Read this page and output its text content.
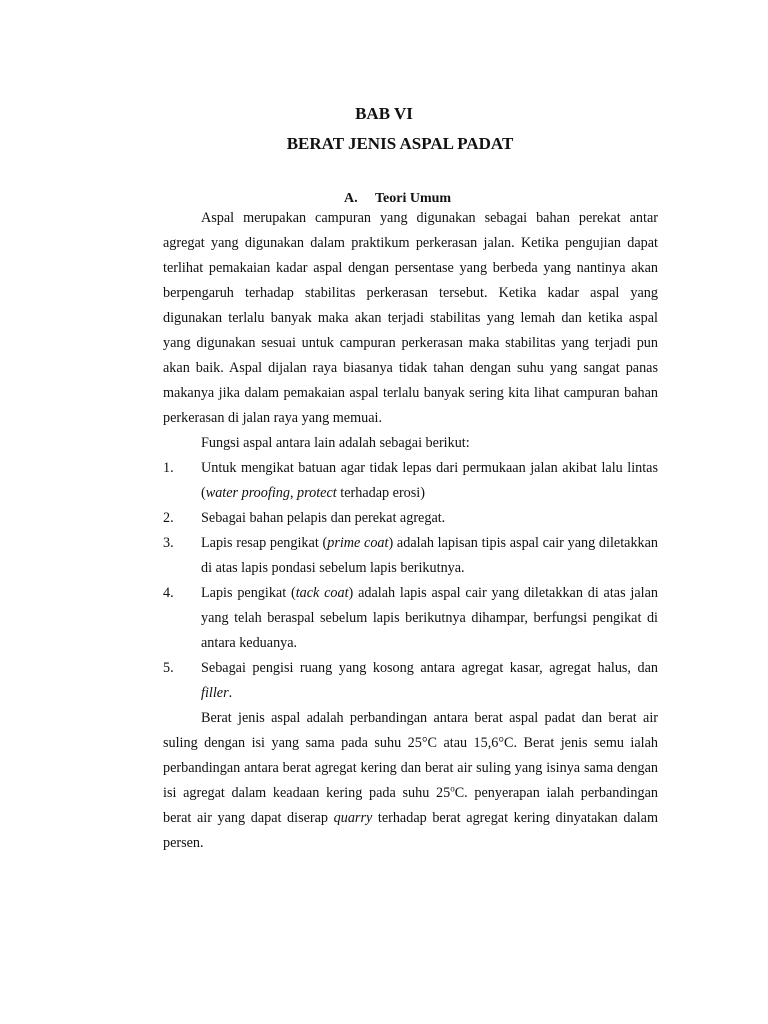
BAB VI
BERAT JENIS ASPAL PADAT
A. Teori Umum

Aspal merupakan campuran yang digunakan sebagai bahan perekat antar agregat yang digunakan dalam praktikum perkerasan jalan. Ketika pengujian dapat terlihat pemakaian kadar aspal dengan persentase yang berbeda yang nantinya akan berpengaruh terhadap stabilitas perkerasan tersebut. Ketika kadar aspal yang digunakan terlalu banyak maka akan terjadi stabilitas yang lemah dan ketika aspal yang digunakan sesuai untuk campuran perkerasan maka stabilitas yang terjadi pun akan baik. Aspal dijalan raya biasanya tidak tahan dengan suhu yang sangat panas makanya jika dalam pemakaian aspal terlalu banyak sering kita lihat campuran bahan perkerasan di jalan raya yang memuai.

Fungsi aspal antara lain adalah sebagai berikut:

1. Untuk mengikat batuan agar tidak lepas dari permukaan jalan akibat lalu lintas (water proofing, protect terhadap erosi)
2. Sebagai bahan pelapis dan perekat agregat.
3. Lapis resap pengikat (prime coat) adalah lapisan tipis aspal cair yang diletakkan di atas lapis pondasi sebelum lapis berikutnya.
4. Lapis pengikat (tack coat) adalah lapis aspal cair yang diletakkan di atas jalan yang telah beraspal sebelum lapis berikutnya dihampar, berfungsi pengikat di antara keduanya.
5. Sebagai pengisi ruang yang kosong antara agregat kasar, agregat halus, dan filler.

Berat jenis aspal adalah perbandingan antara berat aspal padat dan berat air suling dengan isi yang sama pada suhu 25°C atau 15,6°C. Berat jenis semu ialah perbandingan antara berat agregat kering dan berat air suling yang isinya sama dengan isi agregat dalam keadaan kering pada suhu 25$^o$C. penyerapan ialah perbandingan berat air yang dapat diserap quarry terhadap berat agregat kering dinyatakan dalam persen.
